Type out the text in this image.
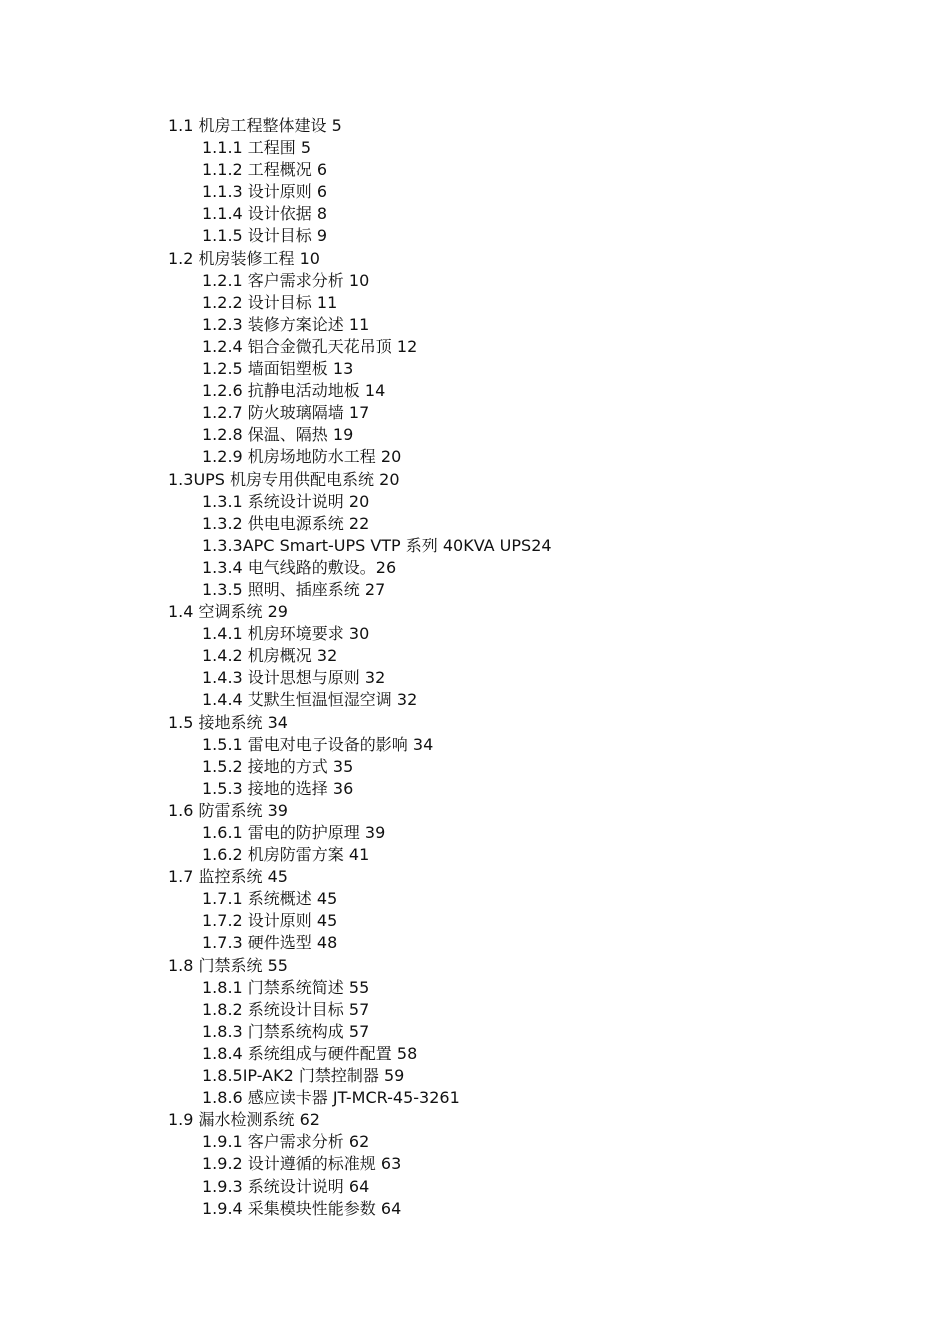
1.1 机房工程整体建设 5
1.1.1 工程围 5
1.1.2 工程概况 6
1.1.3 设计原则 6
1.1.4 设计依据 8
1.1.5 设计目标 9
1.2 机房装修工程 10
1.2.1 客户需求分析 10
1.2.2 设计目标 11
1.2.3 装修方案论述 11
1.2.4 铝合金微孔天花吊顶 12
1.2.5 墙面铝塑板 13
1.2.6 抗静电活动地板 14
1.2.7 防火玻璃隔墙 17
1.2.8 保温、隔热 19
1.2.9 机房场地防水工程 20
1.3UPS 机房专用供配电系统 20
1.3.1 系统设计说明 20
1.3.2 供电电源系统 22
1.3.3APC Smart-UPS VTP 系列 40KVA UPS24
1.3.4 电气线路的敷设。26
1.3.5 照明、插座系统 27
1.4 空调系统 29
1.4.1 机房环境要求 30
1.4.2 机房概况 32
1.4.3 设计思想与原则 32
1.4.4 艾默生恒温恒湿空调 32
1.5 接地系统 34
1.5.1 雷电对电子设备的影响 34
1.5.2 接地的方式 35
1.5.3 接地的选择 36
1.6 防雷系统 39
1.6.1 雷电的防护原理 39
1.6.2 机房防雷方案 41
1.7 监控系统 45
1.7.1 系统概述 45
1.7.2 设计原则 45
1.7.3 硬件选型 48
1.8 门禁系统 55
1.8.1 门禁系统简述 55
1.8.2 系统设计目标 57
1.8.3 门禁系统构成 57
1.8.4 系统组成与硬件配置 58
1.8.5IP-AK2 门禁控制器 59
1.8.6 感应读卡器 JT-MCR-45-3261
1.9 漏水检测系统 62
1.9.1 客户需求分析 62
1.9.2 设计遵循的标准规 63
1.9.3 系统设计说明 64
1.9.4 采集模块性能参数 64
